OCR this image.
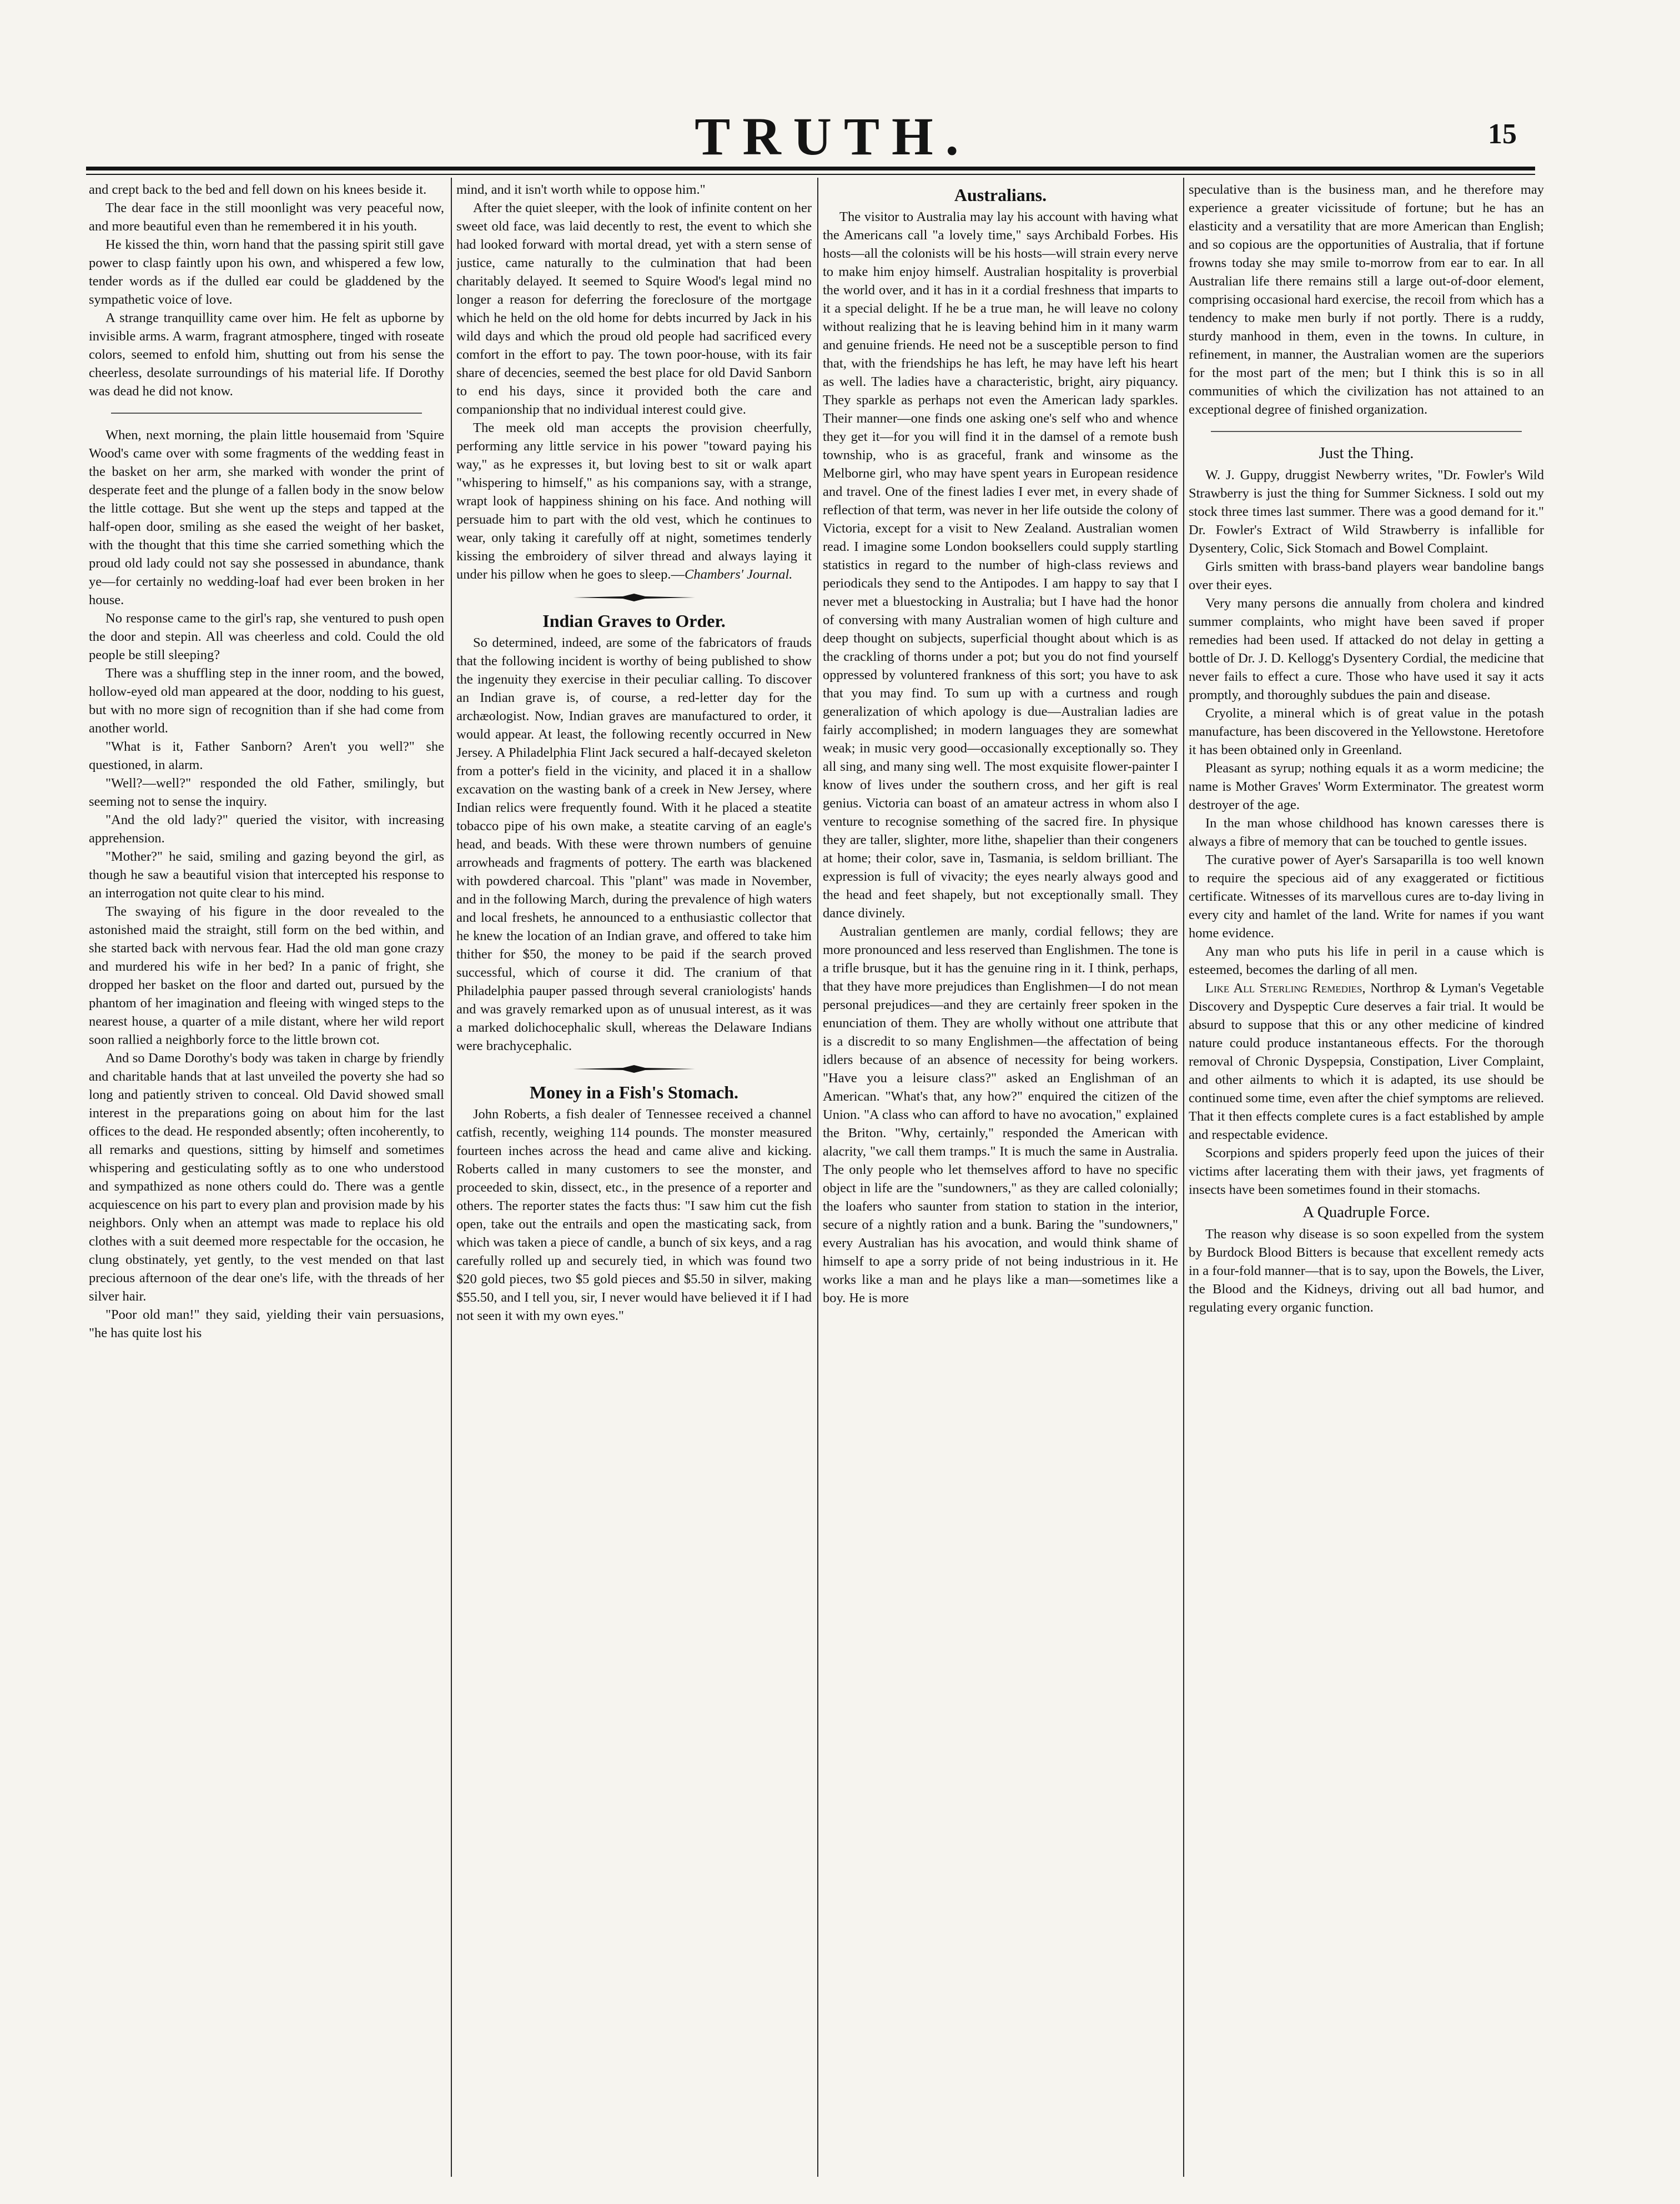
TRUTH.	15

and crept back to the bed and fell down on his knees beside it.

The dear face in the still moonlight was very peaceful now, and more beautiful even than he remembered it in his youth.

He kissed the thin, worn hand that the passing spirit still gave power to clasp faintly upon his own, and whispered a few low, tender words as if the dulled ear could be gladdened by the sympathetic voice of love.

A strange tranquillity came over him. He felt as upborne by invisible arms. A warm, fragrant atmosphere, tinged with roseate colors, seemed to enfold him, shutting out from his sense the cheerless, desolate surroundings of his material life. If Dorothy was dead he did not know.

When, next morning, the plain little housemaid from 'Squire Wood's came over with some fragments of the wedding feast in the basket on her arm, she marked with wonder the print of desperate feet and the plunge of a fallen body in the snow below the little cottage. But she went up the steps and tapped at the half-open door, smiling as she eased the weight of her basket, with the thought that this time she carried something which the proud old lady could not say she possessed in abundance, thank ye—for certainly no wedding-loaf had ever been broken in her house.

No response came to the girl's rap, she ventured to push open the door and stepin. All was cheerless and cold. Could the old people be still sleeping?

There was a shuffling step in the inner room, and the bowed, hollow-eyed old man appeared at the door, nodding to his guest, but with no more sign of recognition than if she had come from another world.

"What is it, Father Sanborn? Aren't you well?" she questioned, in alarm.

"Well?—well?" responded the old Father, smilingly, but seeming not to sense the inquiry.

"And the old lady?" queried the visitor, with increasing apprehension.

"Mother?" he said, smiling and gazing beyond the girl, as though he saw a beautiful vision that intercepted his response to an interrogation not quite clear to his mind.

The swaying of his figure in the door revealed to the astonished maid the straight, still form on the bed within, and she started back with nervous fear. Had the old man gone crazy and murdered his wife in her bed? In a panic of fright, she dropped her basket on the floor and darted out, pursued by the phantom of her imagination and fleeing with winged steps to the nearest house, a quarter of a mile distant, where her wild report soon rallied a neighborly force to the little brown cot.

And so Dame Dorothy's body was taken in charge by friendly and charitable hands that at last unveiled the poverty she had so long and patiently striven to conceal. Old David showed small interest in the preparations going on about him for the last offices to the dead. He responded absently; often incoherently, to all remarks and questions, sitting by himself and sometimes whispering and gesticulating softly as to one who understood and sympathized as none others could do. There was a gentle acquiescence on his part to every plan and provision made by his neighbors. Only when an attempt was made to replace his old clothes with a suit deemed more respectable for the occasion, he clung obstinately, yet gently, to the vest mended on that last precious afternoon of the dear one's life, with the threads of her silver hair.

"Poor old man!" they said, yielding their vain persuasions, "he has quite lost his

mind, and it isn't worth while to oppose him."

After the quiet sleeper, with the look of infinite content on her sweet old face, was laid decently to rest, the event to which she had looked forward with mortal dread, yet with a stern sense of justice, came naturally to the culmination that had been charitably delayed. It seemed to Squire Wood's legal mind no longer a reason for deferring the foreclosure of the mortgage which he held on the old home for debts incurred by Jack in his wild days and which the proud old people had sacrificed every comfort in the effort to pay. The town poor-house, with its fair share of decencies, seemed the best place for old David Sanborn to end his days, since it provided both the care and companionship that no individual interest could give.

The meek old man accepts the provision cheerfully, performing any little service in his power "toward paying his way," as he expresses it, but loving best to sit or walk apart "whispering to himself," as his companions say, with a strange, wrapt look of happiness shining on his face. And nothing will persuade him to part with the old vest, which he continues to wear, only taking it carefully off at night, sometimes tenderly kissing the embroidery of silver thread and always laying it under his pillow when he goes to sleep.—Chambers' Journal.

Indian Graves to Order.

So determined, indeed, are some of the fabricators of frauds that the following incident is worthy of being published to show the ingenuity they exercise in their peculiar calling. To discover an Indian grave is, of course, a red-letter day for the archæologist. Now, Indian graves are manufactured to order, it would appear. At least, the following recently occurred in New Jersey. A Philadelphia Flint Jack secured a half-decayed skeleton from a potter's field in the vicinity, and placed it in a shallow excavation on the wasting bank of a creek in New Jersey, where Indian relics were frequently found. With it he placed a steatite tobacco pipe of his own make, a steatite carving of an eagle's head, and beads. With these were thrown numbers of genuine arrowheads and fragments of pottery. The earth was blackened with powdered charcoal. This "plant" was made in November, and in the following March, during the prevalence of high waters and local freshets, he announced to a enthusiastic collector that he knew the location of an Indian grave, and offered to take him thither for $50, the money to be paid if the search proved successful, which of course it did. The cranium of that Philadelphia pauper passed through several craniologists' hands and was gravely remarked upon as of unusual interest, as it was a marked dolichocephalic skull, whereas the Delaware Indians were brachycephalic.

Money in a Fish's Stomach.

John Roberts, a fish dealer of Tennessee received a channel catfish, recently, weighing 114 pounds. The monster measured fourteen inches across the head and came alive and kicking. Roberts called in many customers to see the monster, and proceeded to skin, dissect, etc., in the presence of a reporter and others. The reporter states the facts thus: "I saw him cut the fish open, take out the entrails and open the masticating sack, from which was taken a piece of candle, a bunch of six keys, and a rag carefully rolled up and securely tied, in which was found two $20 gold pieces, two $5 gold pieces and $5.50 in silver, making $55.50, and I tell you, sir, I never would have believed it if I had not seen it with my own eyes."

Australians.

The visitor to Australia may lay his account with having what the Americans call "a lovely time," says Archibald Forbes. His hosts—all the colonists will be his hosts—will strain every nerve to make him enjoy himself. Australian hospitality is proverbial the world over, and it has in it a cordial freshness that imparts to it a special delight. If he be a true man, he will leave no colony without realizing that he is leaving behind him in it many warm and genuine friends. He need not be a susceptible person to find that, with the friendships he has left, he may have left his heart as well. The ladies have a characteristic, bright, airy piquancy. They sparkle as perhaps not even the American lady sparkles. Their manner—one finds one asking one's self who and whence they get it—for you will find it in the damsel of a remote bush township, who is as graceful, frank and winsome as the Melborne girl, who may have spent years in European residence and travel. One of the finest ladies I ever met, in every shade of reflection of that term, was never in her life outside the colony of Victoria, except for a visit to New Zealand. Australian women read. I imagine some London booksellers could supply startling statistics in regard to the number of high-class reviews and periodicals they send to the Antipodes. I am happy to say that I never met a bluestocking in Australia; but I have had the honor of conversing with many Australian women of high culture and deep thought on subjects, superficial thought about which is as the crackling of thorns under a pot; but you do not find yourself oppressed by voluntered frankness of this sort; you have to ask that you may find. To sum up with a curtness and rough generalization of which apology is due—Australian ladies are fairly accomplished; in modern languages they are somewhat weak; in music very good—occasionally exceptionally so. They all sing, and many sing well. The most exquisite flower-painter I know of lives under the southern cross, and her gift is real genius. Victoria can boast of an amateur actress in whom also I venture to recognise something of the sacred fire. In physique they are taller, slighter, more lithe, shapelier than their congeners at home; their color, save in, Tasmania, is seldom brilliant. The expression is full of vivacity; the eyes nearly always good and the head and feet shapely, but not exceptionally small. They dance divinely.

Australian gentlemen are manly, cordial fellows; they are more pronounced and less reserved than Englishmen. The tone is a trifle brusque, but it has the genuine ring in it. I think, perhaps, that they have more prejudices than Englishmen—I do not mean personal prejudices—and they are certainly freer spoken in the enunciation of them. They are wholly without one attribute that is a discredit to so many Englishmen—the affectation of being idlers because of an absence of necessity for being workers. "Have you a leisure class?" asked an Englishman of an American. "What's that, any how?" enquired the citizen of the Union. "A class who can afford to have no avocation," explained the Briton. "Why, certainly," responded the American with alacrity, "we call them tramps." It is much the same in Australia. The only people who let themselves afford to have no specific object in life are the "sundowners," as they are called colonially; the loafers who saunter from station to station in the interior, secure of a nightly ration and a bunk. Baring the "sundowners," every Australian has his avocation, and would think shame of himself to ape a sorry pride of not being industrious in it. He works like a man and he plays like a man—sometimes like a boy. He is more

speculative than is the business man, and he therefore may experience a greater vicissitude of fortune; but he has an elasticity and a versatility that are more American than English; and so copious are the opportunities of Australia, that if fortune frowns today she may smile to-morrow from ear to ear. In all Australian life there remains still a large out-of-door element, comprising occasional hard exercise, the recoil from which has a tendency to make men burly if not portly. There is a ruddy, sturdy manhood in them, even in the towns. In culture, in refinement, in manner, the Australian women are the superiors for the most part of the men; but I think this is so in all communities of which the civilization has not attained to an exceptional degree of finished organization.

Just the Thing.

W. J. Guppy, druggist Newberry writes, "Dr. Fowler's Wild Strawberry is just the thing for Summer Sickness. I sold out my stock three times last summer. There was a good demand for it." Dr. Fowler's Extract of Wild Strawberry is infallible for Dysentery, Colic, Sick Stomach and Bowel Complaint.

Girls smitten with brass-band players wear bandoline bangs over their eyes.

Very many persons die annually from cholera and kindred summer complaints, who might have been saved if proper remedies had been used. If attacked do not delay in getting a bottle of Dr. J. D. Kellogg's Dysentery Cordial, the medicine that never fails to effect a cure. Those who have used it say it acts promptly, and thoroughly subdues the pain and disease.

Cryolite, a mineral which is of great value in the potash manufacture, has been discovered in the Yellowstone. Heretofore it has been obtained only in Greenland.

Pleasant as syrup; nothing equals it as a worm medicine; the name is Mother Graves' Worm Exterminator. The greatest worm destroyer of the age.

In the man whose childhood has known caresses there is always a fibre of memory that can be touched to gentle issues.

The curative power of Ayer's Sarsaparilla is too well known to require the specious aid of any exaggerated or fictitious certificate. Witnesses of its marvellous cures are to-day living in every city and hamlet of the land. Write for names if you want home evidence.

Any man who puts his life in peril in a cause which is esteemed, becomes the darling of all men.

Like All Sterling Remedies, Northrop & Lyman's Vegetable Discovery and Dyspeptic Cure deserves a fair trial. It would be absurd to suppose that this or any other medicine of kindred nature could produce instantaneous effects. For the thorough removal of Chronic Dyspepsia, Constipation, Liver Complaint, and other ailments to which it is adapted, its use should be continued some time, even after the chief symptoms are relieved. That it then effects complete cures is a fact established by ample and respectable evidence.

Scorpions and spiders properly feed upon the juices of their victims after lacerating them with their jaws, yet fragments of insects have been sometimes found in their stomachs.

A Quadruple Force.

The reason why disease is so soon expelled from the system by Burdock Blood Bitters is because that excellent remedy acts in a four-fold manner—that is to say, upon the Bowels, the Liver, the Blood and the Kidneys, driving out all bad humor, and regulating every organic function.
